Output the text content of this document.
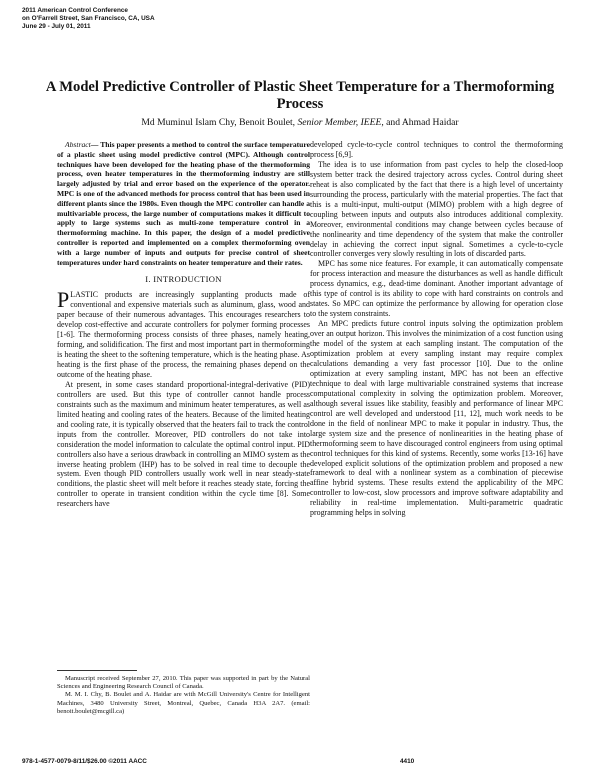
2011 American Control Conference
on O'Farrell Street, San Francisco, CA, USA
June 29 - July 01, 2011
A Model Predictive Controller of Plastic Sheet Temperature for a Thermoforming Process
Md Muminul Islam Chy, Benoit Boulet, Senior Member, IEEE, and Ahmad Haidar

Abstract— This paper presents a method to control the surface temperature of a plastic sheet using model predictive control (MPC). Although control techniques have been developed for the heating phase of the thermoforming process, oven heater temperatures in the thermoforming industry are still largely adjusted by trial and error based on the experience of the operator. MPC is one of the advanced methods for process control that has been used in different plants since the 1980s. Even though the MPC controller can handle a multivariable process, the large number of computations makes it difficult to apply to large systems such as multi-zone temperature control in a thermoforming machine. In this paper, the design of a model predictive controller is reported and implemented on a complex thermoforming oven with a large number of inputs and outputs for precise control of sheet temperatures under hard constraints on heater temperature and their rates.

I. INTRODUCTION

PLASTIC products are increasingly supplanting products made of conventional and expensive materials such as aluminum, glass, wood and paper because of their numerous advantages. This encourages researchers to develop cost-effective and accurate controllers for polymer forming processes [1-6]. The thermoforming process consists of three phases, namely heating, forming, and solidification. The first and most important part in thermoforming is heating the sheet to the softening temperature, which is the heating phase. As heating is the first phase of the process, the remaining phases depend on the outcome of the heating phase.

At present, in some cases standard proportional-integral-derivative (PID) controllers are used. But this type of controller cannot handle process constraints such as the maximum and minimum heater temperatures, as well as limited heating and cooling rates of the heaters. Because of the limited heating and cooling rate, it is typically observed that the heaters fail to track the control inputs from the controller. Moreover, PID controllers do not take into consideration the model information to calculate the optimal control input. PID controllers also have a serious drawback in controlling an MIMO system as the inverse heating problem (IHP) has to be solved in real time to decouple the system. Even though PID controllers usually work well in near steady-state conditions, the plastic sheet will melt before it reaches steady state, forcing the controller to operate in transient condition within the cycle time [8]. Some researchers have

Manuscript received September 27, 2010. This paper was supported in part by the Natural Sciences and Engineering Research Council of Canada.

M. M. I. Chy, B. Boulet and A. Haidar are with McGill University's Centre for Intelligent Machines, 3480 University Street, Montreal, Quebec, Canada H3A 2A7. (email: benoit.boulet@mcgill.ca)

developed cycle-to-cycle control techniques to control the thermoforming process [6,9].

The idea is to use information from past cycles to help the closed-loop system better track the desired trajectory across cycles. Control during sheet reheat is also complicated by the fact that there is a high level of uncertainty surrounding the process, particularly with the material properties. The fact that this is a multi-input, multi-output (MIMO) problem with a high degree of coupling between inputs and outputs also introduces additional complexity. Moreover, environmental conditions may change between cycles because of the nonlinearity and time dependency of the system that make the controller delay in achieving the correct input signal. Sometimes a cycle-to-cycle controller converges very slowly resulting in lots of discarded parts.

MPC has some nice features. For example, it can automatically compensate for process interaction and measure the disturbances as well as handle difficult process dynamics, e.g., dead-time dominant. Another important advantage of this type of control is its ability to cope with hard constraints on controls and states. So MPC can optimize the performance by allowing for operation close to the system constraints.

An MPC predicts future control inputs solving the optimization problem over an output horizon. This involves the minimization of a cost function using the model of the system at each sampling instant. The computation of the optimization problem at every sampling instant may require complex calculations demanding a very fast processor [10]. Due to the online optimization at every sampling instant, MPC has not been an effective technique to deal with large multivariable constrained systems that increase computational complexity in solving the optimization problem. Moreover, although several issues like stability, feasibly and performance of linear MPC control are well developed and understood [11, 12], much work needs to be done in the field of nonlinear MPC to make it popular in industry. Thus, the large system size and the presence of nonlinearities in the heating phase of thermoforming seem to have discouraged control engineers from using optimal control techniques for this kind of systems. Recently, some works [13-16] have developed explicit solutions of the optimization problem and proposed a new framework to deal with a nonlinear system as a combination of piecewise affine hybrid systems. These results extend the applicability of the MPC controller to low-cost, slow processors and improve software adaptability and reliability in real-time implementation. Multi-parametric quadratic programming helps in solving

978-1-4577-0079-8/11/$26.00 ©2011 AACC	4410
